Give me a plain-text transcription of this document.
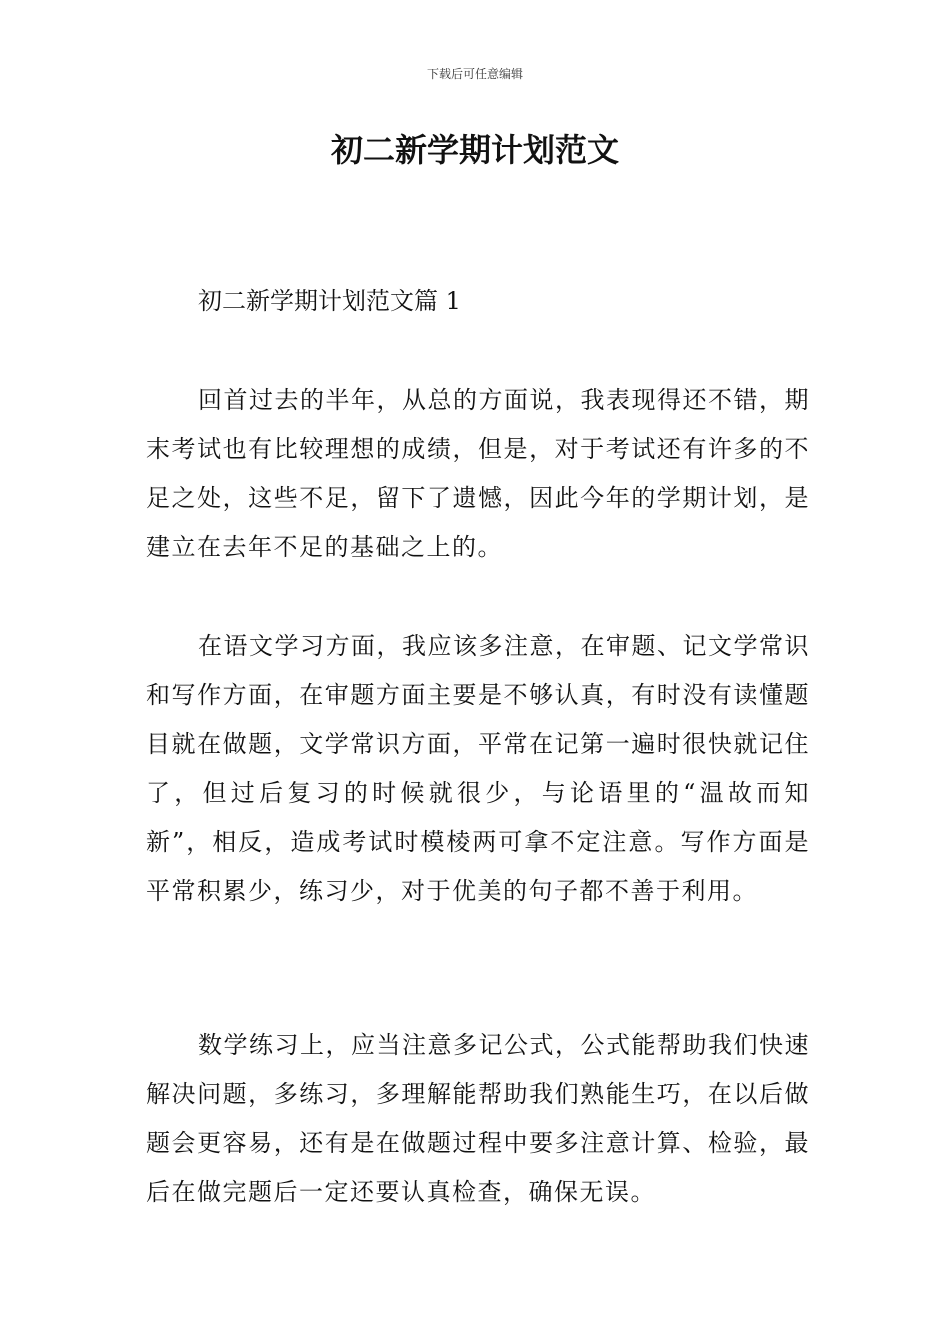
下载后可任意编辑
初二新学期计划范文

初二新学期计划范文篇 1

回首过去的半年，从总的方面说，我表现得还不错，期末考试也有比较理想的成绩，但是，对于考试还有许多的不足之处，这些不足，留下了遗憾，因此今年的学期计划，是建立在去年不足的基础之上的。

在语文学习方面，我应该多注意，在审题、记文学常识和写作方面，在审题方面主要是不够认真，有时没有读懂题目就在做题，文学常识方面，平常在记第一遍时很快就记住了，但过后复习的时候就很少，与论语里的“温故而知新”，相反，造成考试时模棱两可拿不定注意。写作方面是平常积累少，练习少，对于优美的句子都不善于利用。

数学练习上，应当注意多记公式，公式能帮助我们快速解决问题，多练习，多理解能帮助我们熟能生巧，在以后做题会更容易，还有是在做题过程中要多注意计算、检验，最后在做完题后一定还要认真检查，确保无误。
